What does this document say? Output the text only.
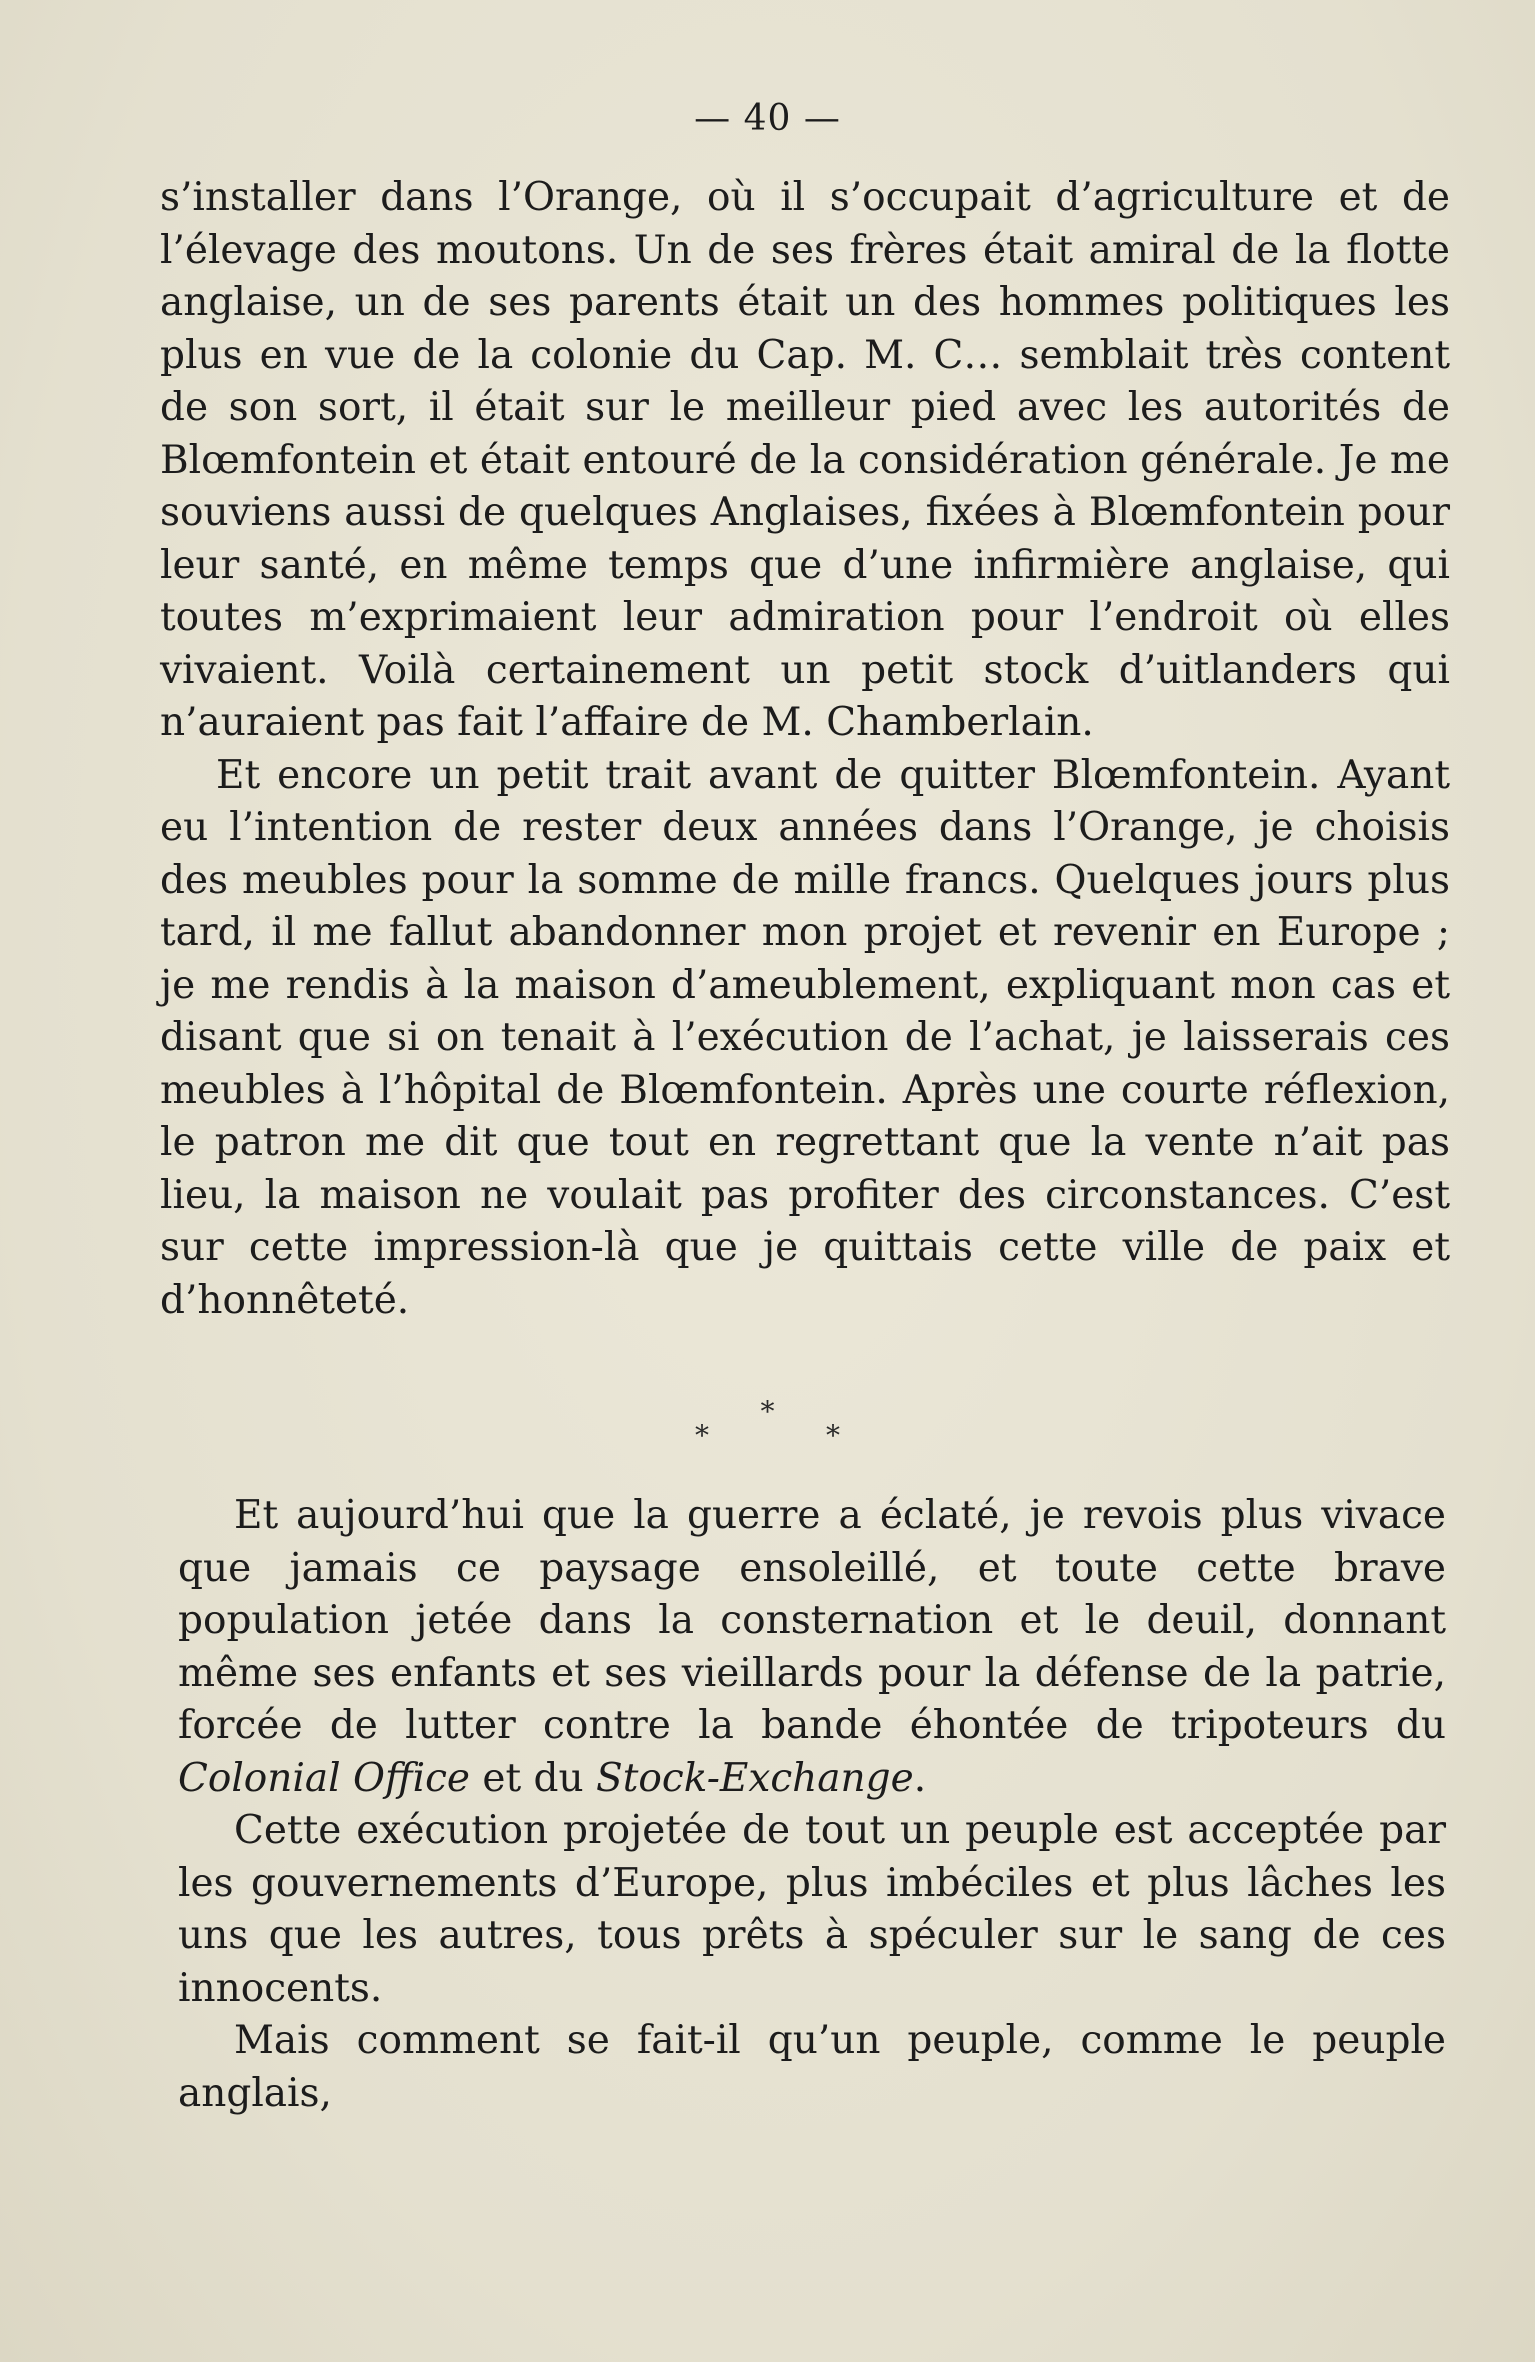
— 40 —

s’installer dans l’Orange, où il s’occupait d’agriculture et de l’élevage des moutons. Un de ses frères était amiral de la flotte anglaise, un de ses parents était un des hommes politiques les plus en vue de la colonie du Cap. M. C… semblait très content de son sort, il était sur le meilleur pied avec les autorités de Blœmfontein et était entouré de la considération générale. Je me souviens aussi de quelques Anglaises, fixées à Blœmfontein pour leur santé, en même temps que d’une infirmière anglaise, qui toutes m’exprimaient leur admiration pour l’endroit où elles vivaient. Voilà certainement un petit stock d’uitlanders qui n’auraient pas fait l’affaire de M. Chamberlain.

Et encore un petit trait avant de quitter Blœmfontein. Ayant eu l’intention de rester deux années dans l’Orange, je choisis des meubles pour la somme de mille francs. Quelques jours plus tard, il me fallut abandonner mon projet et revenir en Europe ; je me rendis à la maison d’ameublement, expliquant mon cas et disant que si on tenait à l’exécution de l’achat, je laisserais ces meubles à l’hôpital de Blœmfontein. Après une courte réflexion, le patron me dit que tout en regrettant que la vente n’ait pas lieu, la maison ne voulait pas profiter des circonstances. C’est sur cette impression-là que je quittais cette ville de paix et d’honnêteté.

*
* *

Et aujourd’hui que la guerre a éclaté, je revois plus vivace que jamais ce paysage ensoleillé, et toute cette brave population jetée dans la consternation et le deuil, donnant même ses enfants et ses vieillards pour la défense de la patrie, forcée de lutter contre la bande éhontée de tripoteurs du Colonial Office et du Stock-Exchange.

Cette exécution projetée de tout un peuple est acceptée par les gouvernements d’Europe, plus imbéciles et plus lâches les uns que les autres, tous prêts à spéculer sur le sang de ces innocents.

Mais comment se fait-il qu’un peuple, comme le peuple anglais,
